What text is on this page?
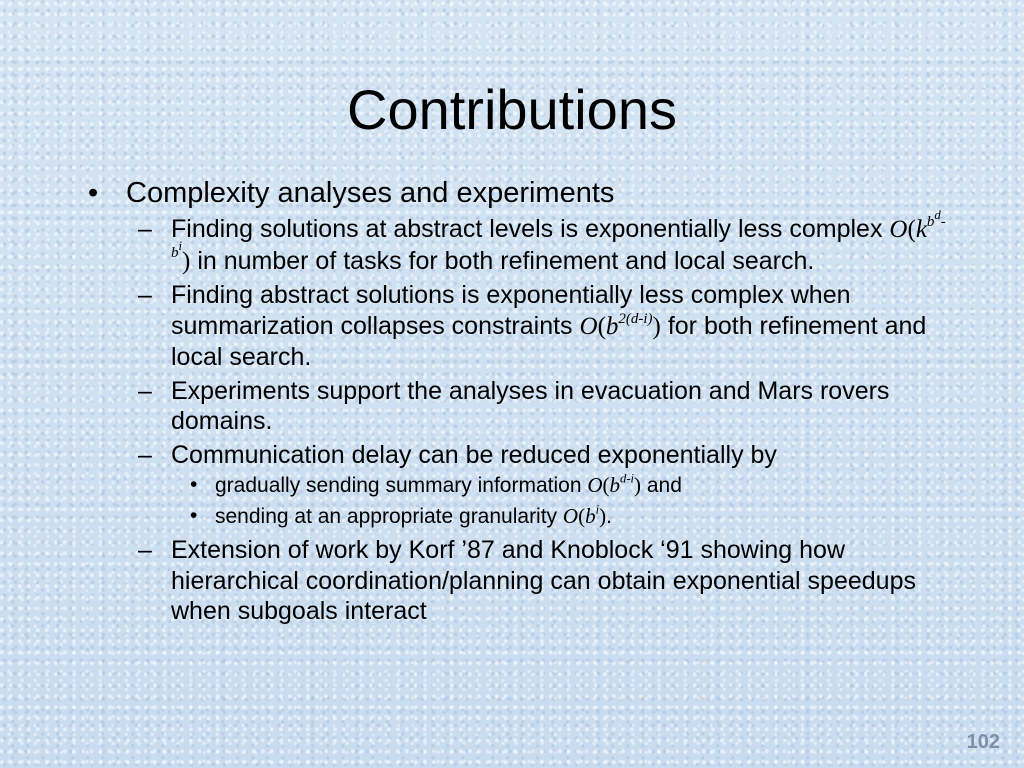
Contributions
• Complexity analyses and experiments
– Finding solutions at abstract levels is exponentially less complex $O(k^{b^d-b^i})$ in number of tasks for both refinement and local search.
– Finding abstract solutions is exponentially less complex when summarization collapses constraints $O(b^{2(d-i)})$ for both refinement and local search.
– Experiments support the analyses in evacuation and Mars rovers domains.
– Communication delay can be reduced exponentially by
• gradually sending summary information $O(b^{d-i})$ and
• sending at an appropriate granularity $O(b^i)$.
– Extension of work by Korf ’87 and Knoblock ‘91 showing how hierarchical coordination/planning can obtain exponential speedups when subgoals interact
102
